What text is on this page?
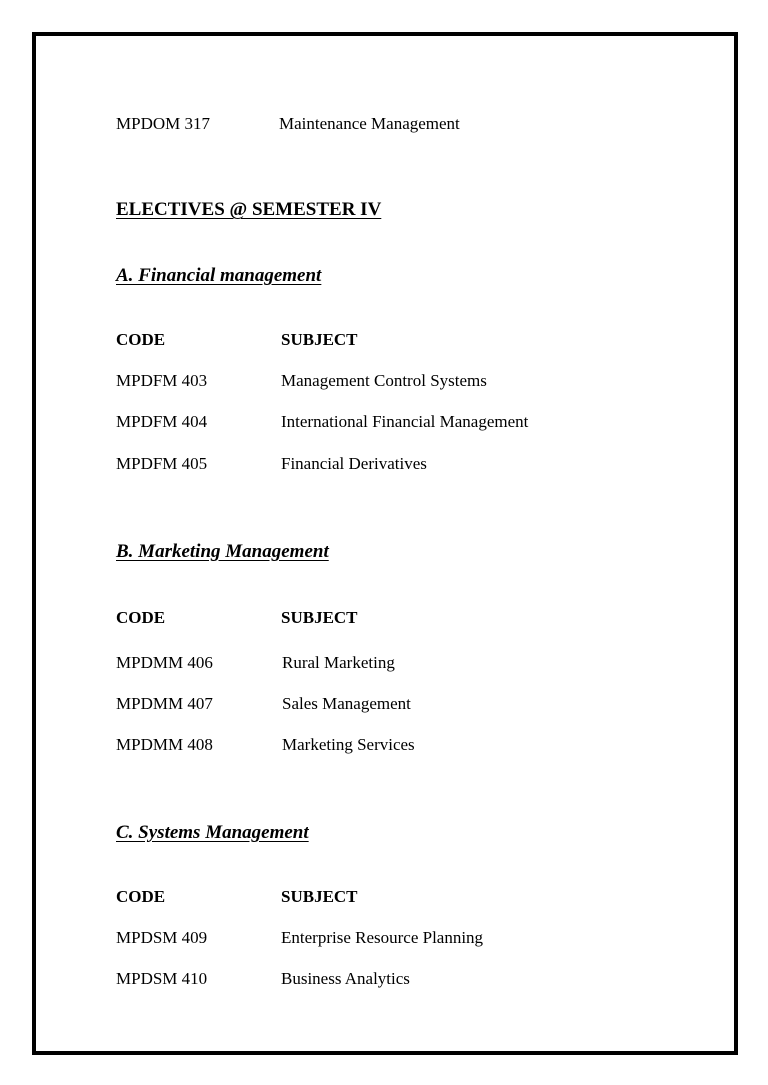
MPDOM 317	Maintenance Management
ELECTIVES @ SEMESTER IV
A. Financial management
CODE	SUBJECT
MPDFM 403	Management Control Systems
MPDFM 404	International Financial Management
MPDFM 405	Financial Derivatives
B. Marketing Management
CODE	SUBJECT
MPDMM 406	Rural Marketing
MPDMM 407	Sales Management
MPDMM 408	Marketing Services
C. Systems Management
CODE	SUBJECT
MPDSM 409	Enterprise Resource Planning
MPDSM 410	Business Analytics
